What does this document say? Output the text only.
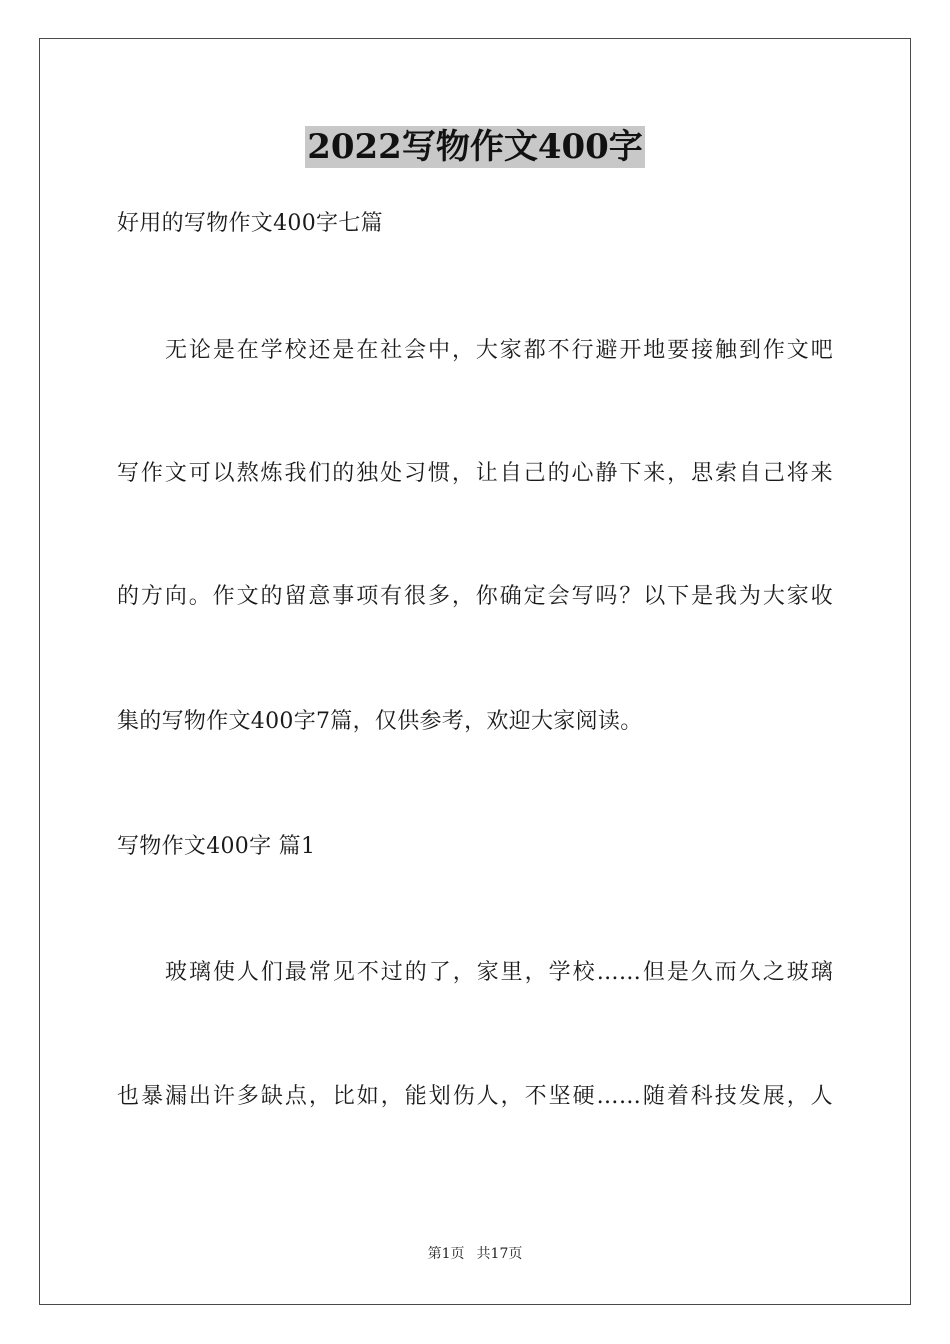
2022写物作文400字
好用的写物作文400字七篇
无论是在学校还是在社会中，大家都不行避开地要接触到作文吧
写作文可以熬炼我们的独处习惯，让自己的心静下来，思索自己将来
的方向。作文的留意事项有很多，你确定会写吗？以下是我为大家收
集的写物作文400字7篇，仅供参考，欢迎大家阅读。
写物作文400字 篇1
玻璃使人们最常见不过的了，家里，学校……但是久而久之玻璃
也暴漏出许多缺点，比如，能划伤人，不坚硬……随着科技发展，人
第1页 共17页
